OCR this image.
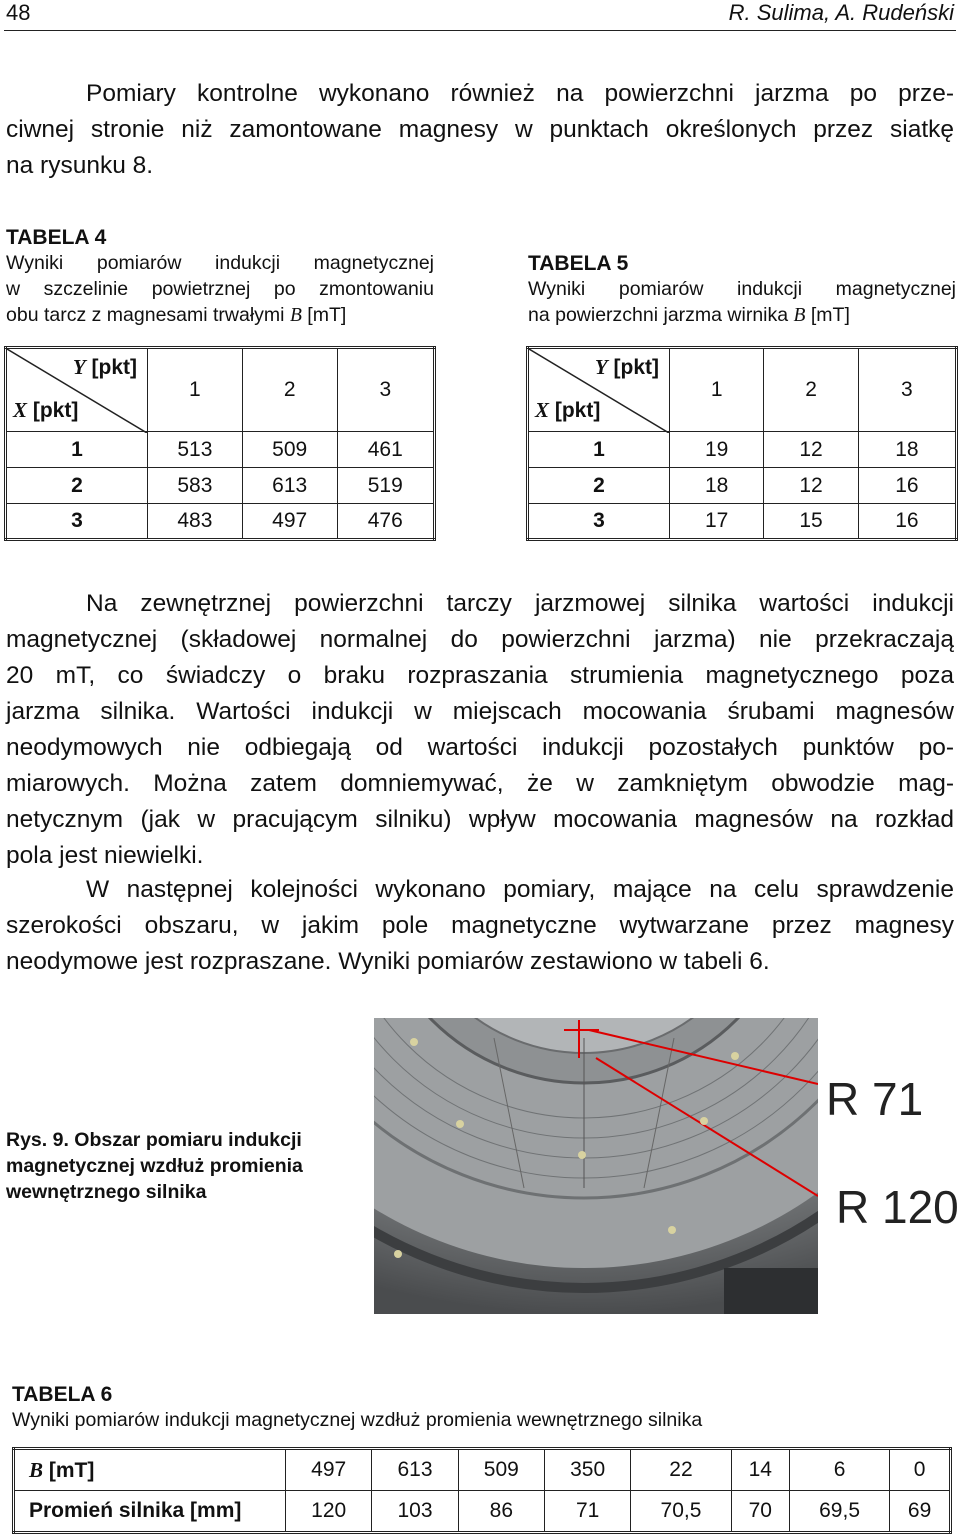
48	R. Sulima, A. Rudeński
Pomiary kontrolne wykonano również na powierzchni jarzma po prze-
ciwnej stronie niż zamontowane magnesy w punktach określonych przez siatkę
na rysunku 8.
TABELA 4
Wyniki pomiarów indukcji magnetycznej
w szczelinie powietrznej po zmontowaniu
obu tarcz z magnesami trwałymi B [mT]
TABELA 5
Wyniki pomiarów indukcji magnetycznej
na powierzchni jarzma wirnika B [mT]
Y [pkt]
X [pkt]	1	2	3
1	513	509	461
2	583	613	519
3	483	497	476
Y [pkt]
X [pkt]	1	2	3
1	19	12	18
2	18	12	16
3	17	15	16
Na zewnętrznej powierzchni tarczy jarzmowej silnika wartości indukcji
magnetycznej (składowej normalnej do powierzchni jarzma) nie przekraczają
20 mT, co świadczy o braku rozpraszania strumienia magnetycznego poza
jarzma silnika. Wartości indukcji w miejscach mocowania śrubami magnesów
neodymowych nie odbiegają od wartości indukcji pozostałych punktów po-
miarowych. Można zatem domniemywać, że w zamkniętym obwodzie mag-
netycznym (jak w pracującym silniku) wpływ mocowania magnesów na rozkład
pola jest niewielki.
W następnej kolejności wykonano pomiary, mające na celu sprawdzenie
szerokości obszaru, w jakim pole magnetyczne wytwarzane przez magnesy
neodymowe jest rozpraszane. Wyniki pomiarów zestawiono w tabeli 6.
Rys. 9. Obszar pomiaru indukcji
magnetycznej wzdłuż promienia
wewnętrznego silnika
R 71
R 120
TABELA 6
Wyniki pomiarów indukcji magnetycznej wzdłuż promienia wewnętrznego silnika
B [mT]	497	613	509	350	22	14	6	0
Promień silnika [mm]	120	103	86	71	70,5	70	69,5	69
